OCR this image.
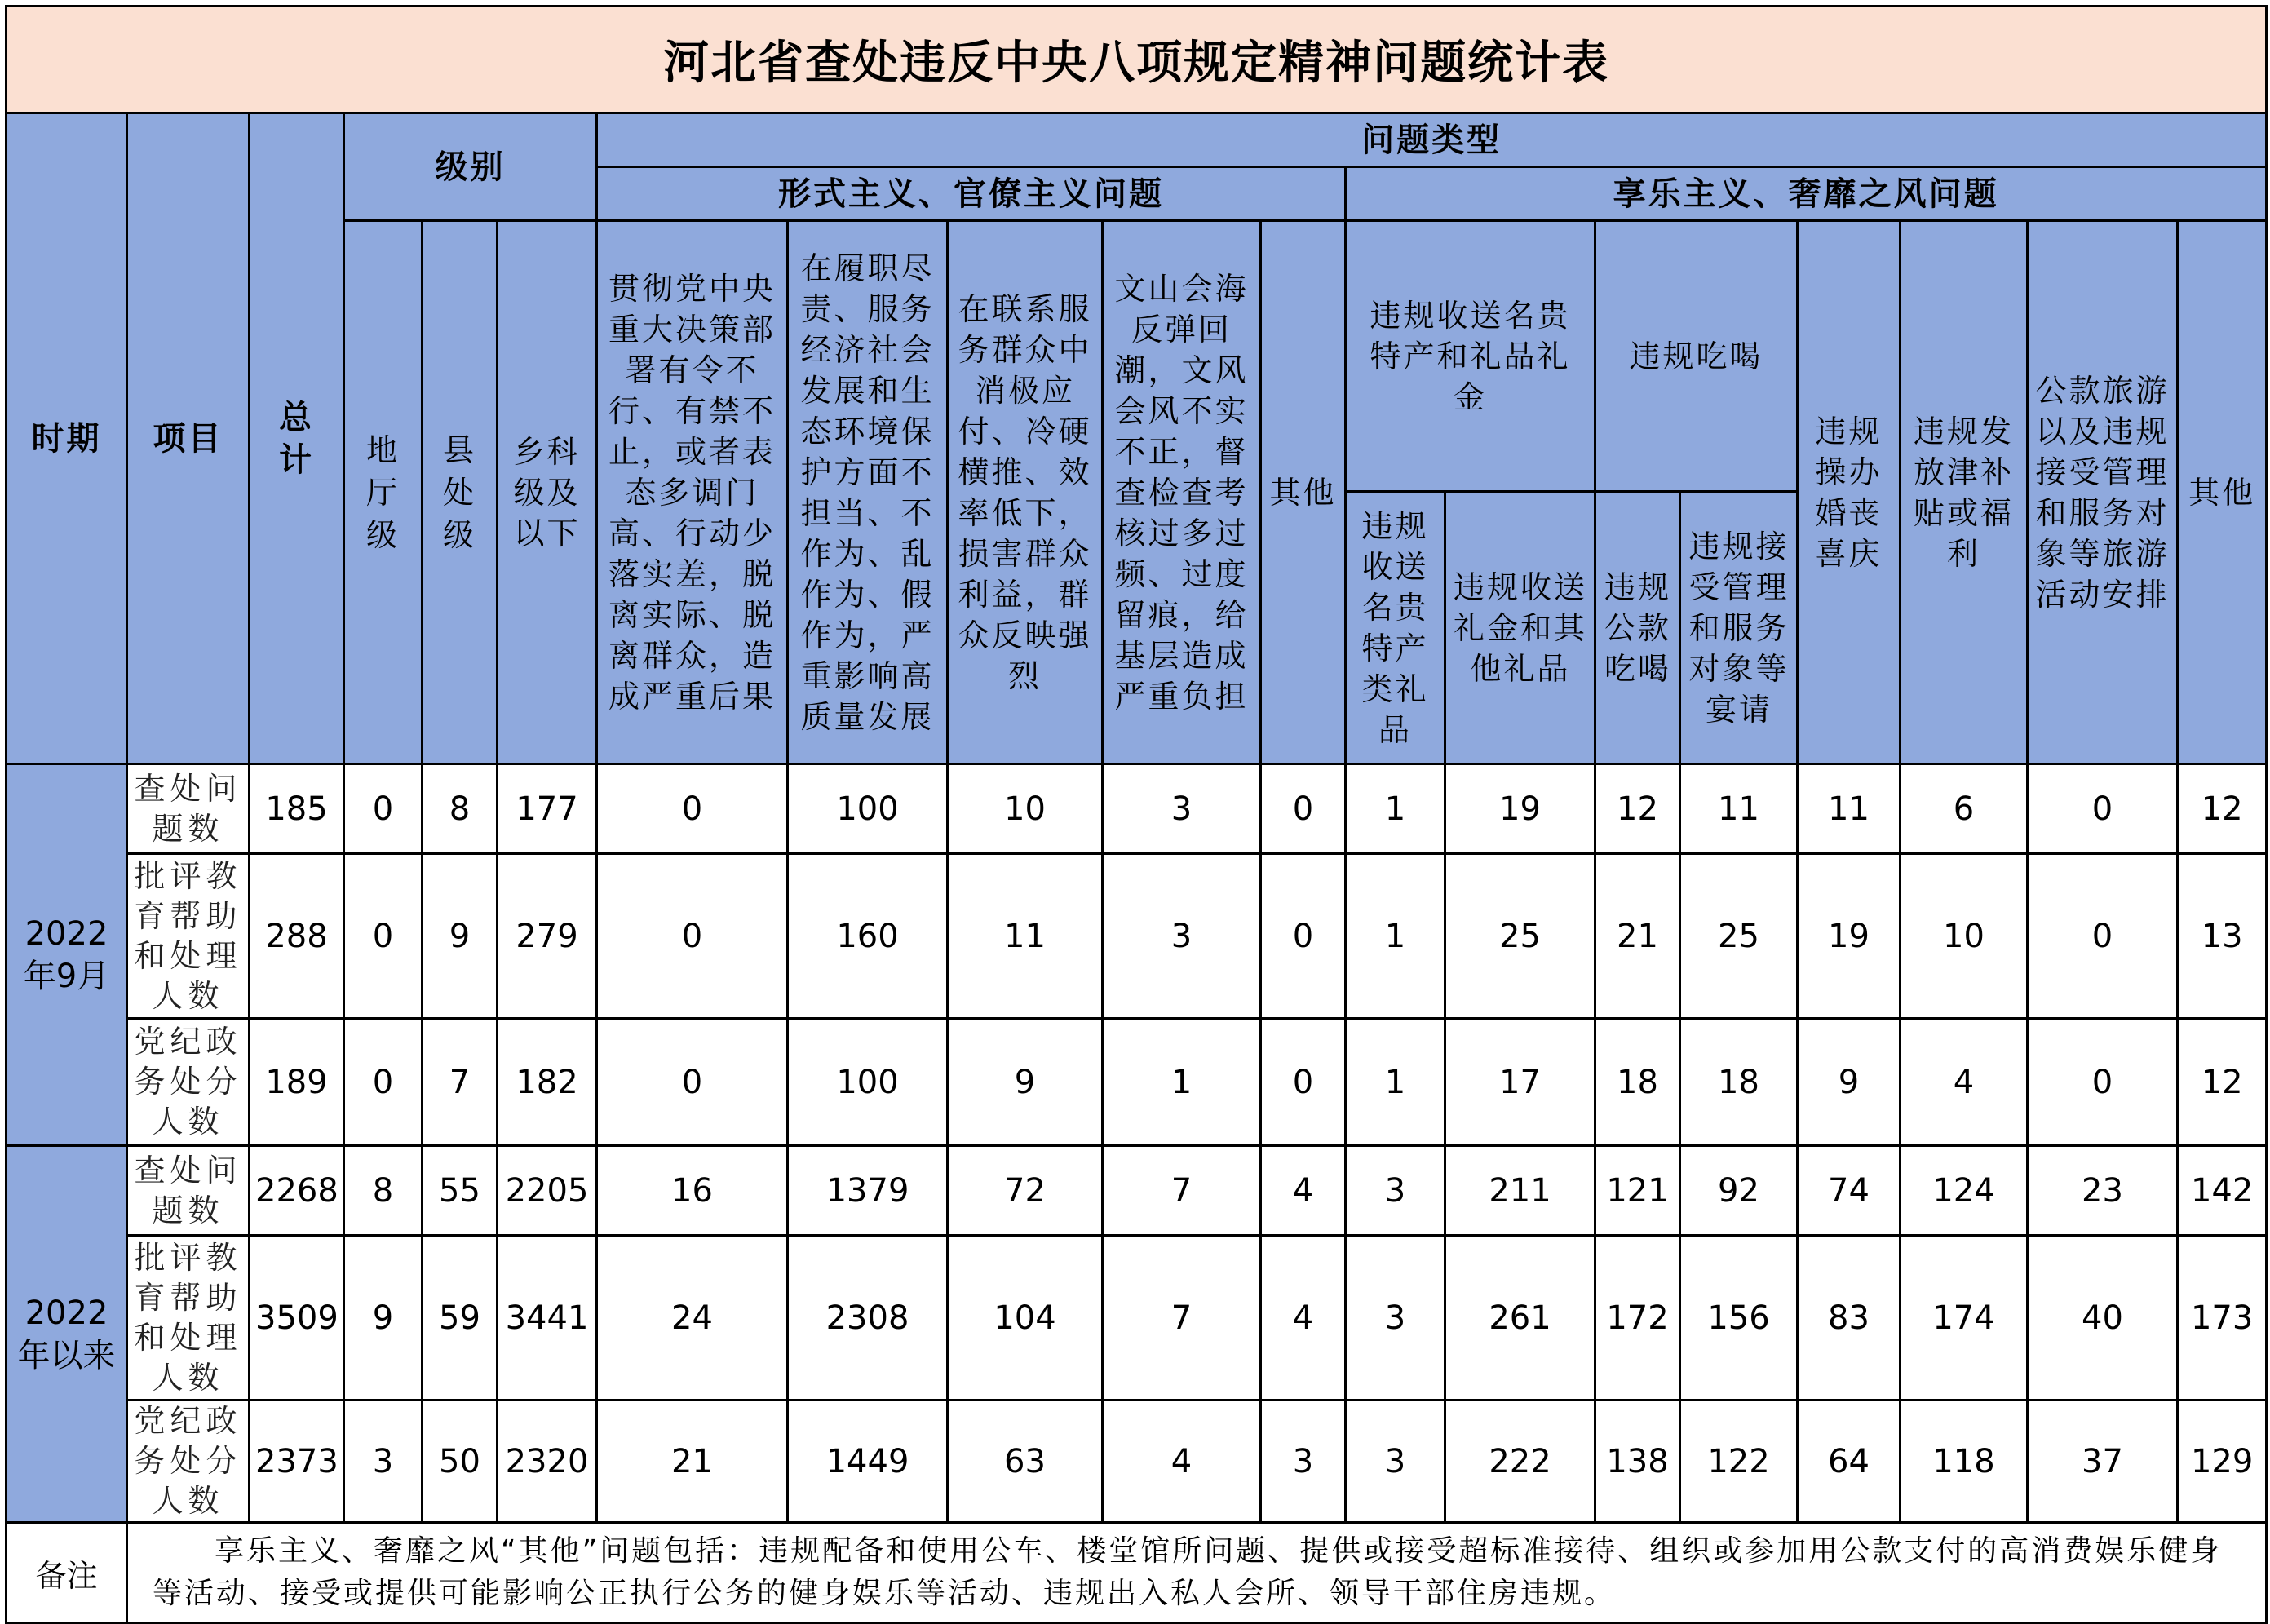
河北省查处违反中央八项规定精神问题统计表																		
时期	项目	总计	级别			问题类型												
						形式主义、官僚主义问题					享乐主义、奢靡之风问题							
			地厅级	县处级	乡科级及以下	贯彻党中央重大决策部署有令不行、有禁不止，或者表态多调门高、行动少落实差，脱离实际、脱离群众，造成严重后果	在履职尽责、服务经济社会发展和生态环境保护方面不担当、不作为、乱作为、假作为，严重影响高质量发展	在联系服务群众中消极应付、冷硬横推、效率低下，损害群众利益，群众反映强烈	文山会海反弹回潮，文风会风不实不正，督查检查考核过多过频、过度留痕，给基层造成严重负担	其他	违规收送名贵特产和礼品礼金		违规吃喝		违规操办婚丧喜庆	违规发放津补贴或福利	公款旅游以及违规接受管理和服务对象等旅游活动安排	其他
											违规收送名贵特产类礼品	违规收送礼金和其他礼品	违规公款吃喝	违规接受管理和服务对象等宴请				
2022年9月	查处问题数	185	0	8	177	0	100	10	3	0	1	19	12	11	11	6	0	12
	批评教育帮助和处理人数	288	0	9	279	0	160	11	3	0	1	25	21	25	19	10	0	13
	党纪政务处分人数	189	0	7	182	0	100	9	1	0	1	17	18	18	9	4	0	12
2022年以来	查处问题数	2268	8	55	2205	16	1379	72	7	4	3	211	121	92	74	124	23	142
	批评教育帮助和处理人数	3509	9	59	3441	24	2308	104	7	4	3	261	172	156	83	174	40	173
	党纪政务处分人数	2373	3	50	2320	21	1449	63	4	3	3	222	138	122	64	118	37	129
备注	享乐主义、奢靡之风“其他”问题包括：违规配备和使用公车、楼堂馆所问题、提供或接受超标准接待、组织或参加用公款支付的高消费娱乐健身等活动、接受或提供可能影响公正执行公务的健身娱乐等活动、违规出入私人会所、领导干部住房违规。																	
